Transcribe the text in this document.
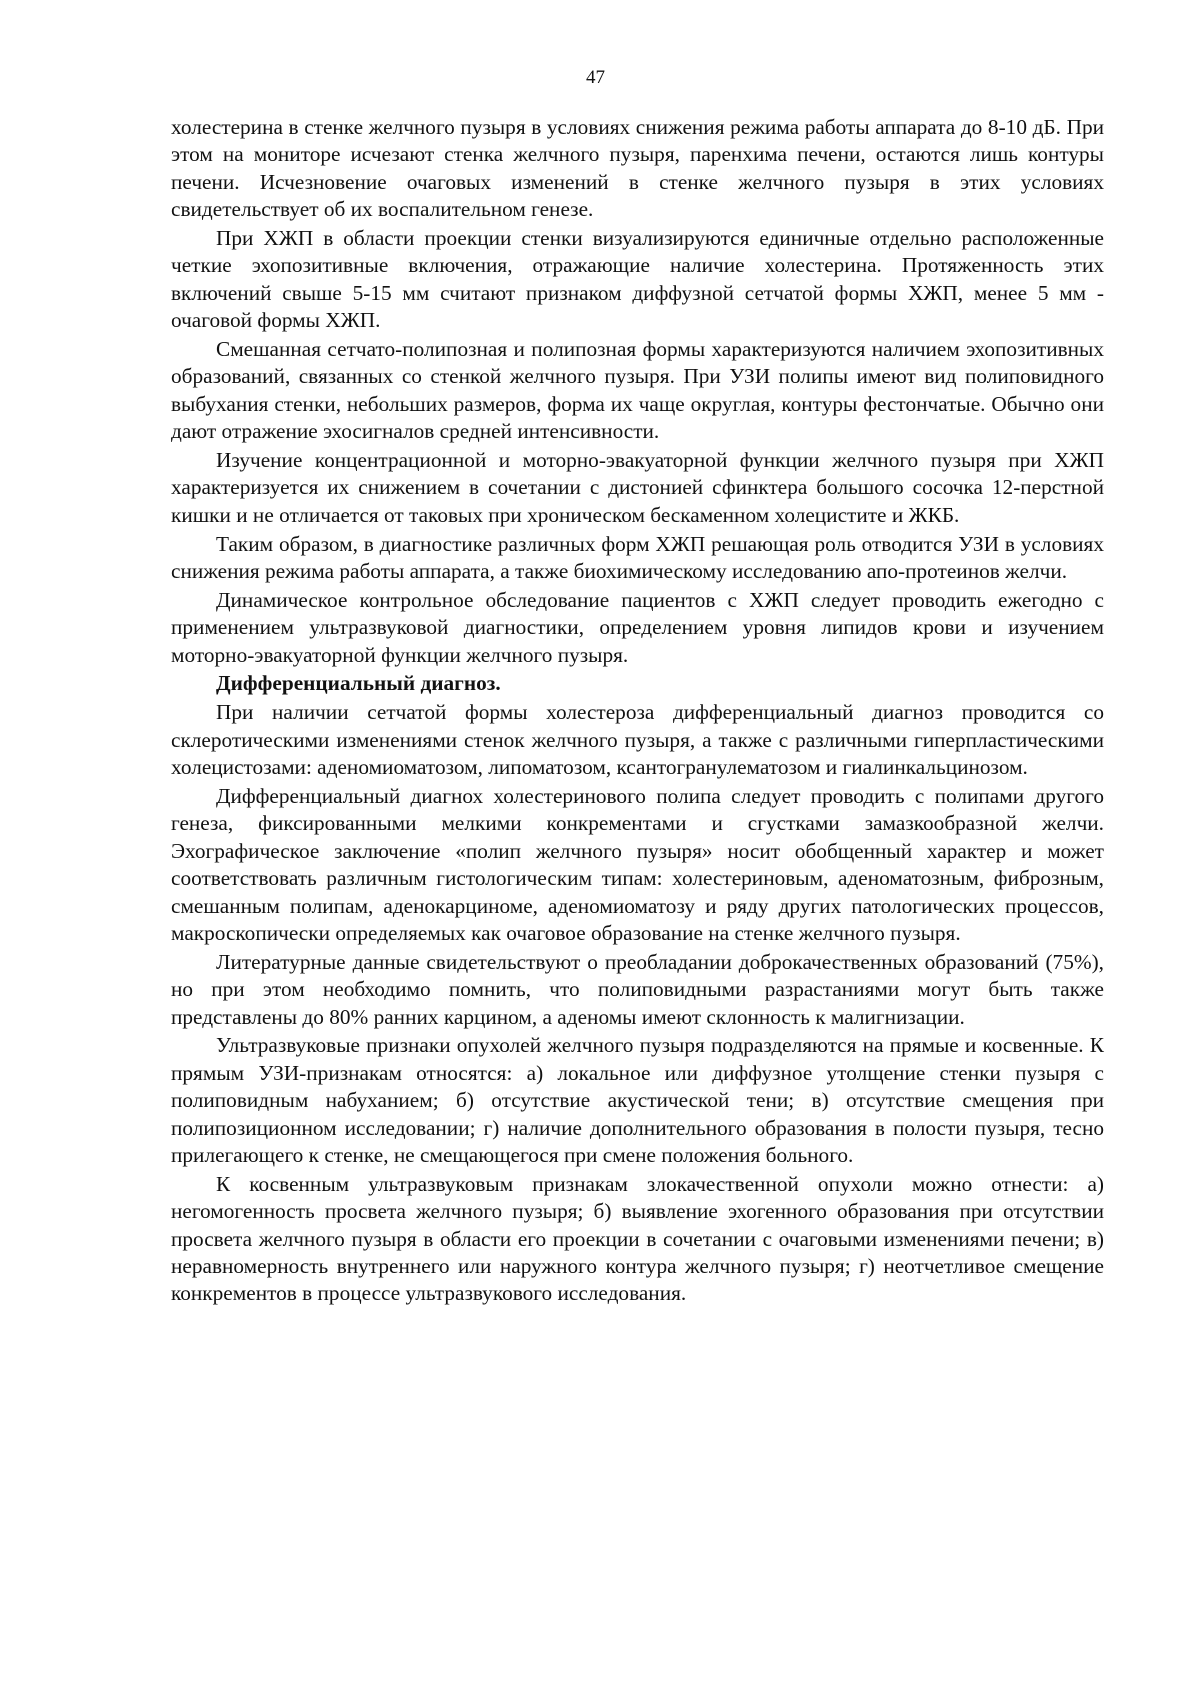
47

холестерина в стенке желчного пузыря в условиях снижения режима работы аппарата до 8-10 дБ. При этом на мониторе исчезают стенка желчного пузыря, паренхима печени, остаются лишь контуры печени. Исчезновение очаговых изменений в стенке желчного пузыря в этих условиях свидетельствует об их воспалительном генезе.

При ХЖП в области проекции стенки визуализируются единичные отдельно расположенные четкие эхопозитивные включения, отражающие наличие холестерина. Протяженность этих включений свыше 5-15 мм считают признаком диффузной сетчатой формы ХЖП, менее 5 мм - очаговой формы ХЖП.

Смешанная сетчато-полипозная и полипозная формы характеризуются наличием эхопозитивных образований, связанных со стенкой желчного пузыря. При УЗИ полипы имеют вид полиповидного выбухания стенки, небольших размеров, форма их чаще округлая, контуры фестончатые. Обычно они дают отражение эхосигналов средней интенсивности.

Изучение концентрационной и моторно-эвакуаторной функции желчного пузыря при ХЖП характеризуется их снижением в сочетании с дистонией сфинктера большого сосочка 12-перстной кишки и не отличается от таковых при хроническом бескаменном холецистите и ЖКБ.

Таким образом, в диагностике различных форм ХЖП решающая роль отводится УЗИ в условиях снижения режима работы аппарата, а также биохимическому исследованию апо-протеинов желчи.

Динамическое контрольное обследование пациентов с ХЖП следует проводить ежегодно с применением ультразвуковой диагностики, определением уровня липидов крови и изучением моторно-эвакуаторной функции желчного пузыря.

Дифференциальный диагноз.

При наличии сетчатой формы холестероза дифференциальный диагноз проводится со склеротическими изменениями стенок желчного пузыря, а также с различными гиперпластическими холецистозами: аденомиоматозом, липоматозом, ксантогранулематозом и гиалинкальцинозом.

Дифференциальный диагнох холестеринового полипа следует проводить с полипами другого генеза, фиксированными мелкими конкрементами и сгустками замазкообразной желчи. Эхографическое заключение «полип желчного пузыря» носит обобщенный характер и может соответствовать различным гистологическим типам: холестериновым, аденоматозным, фиброзным, смешанным полипам, аденокарциноме, аденомиоматозу и ряду других патологических процессов, макроскопически определяемых как очаговое образование на стенке желчного пузыря.

Литературные данные свидетельствуют о преобладании доброкачественных образований (75%), но при этом необходимо помнить, что полиповидными разрастаниями могут быть также представлены до 80% ранних карцином, а аденомы имеют склонность к малигнизации.

Ультразвуковые признаки опухолей желчного пузыря подразделяются на прямые и косвенные. К прямым УЗИ-признакам относятся: а) локальное или диффузное утолщение стенки пузыря с полиповидным набуханием; б) отсутствие акустической тени; в) отсутствие смещения при полипозиционном исследовании; г) наличие дополнительного образования в полости пузыря, тесно прилегающего к стенке, не смещающегося при смене положения больного.

К косвенным ультразвуковым признакам злокачественной опухоли можно отнести: а) негомогенность просвета желчного пузыря; б) выявление эхогенного образования при отсутствии просвета желчного пузыря в области его проекции в сочетании с очаговыми изменениями печени; в) неравномерность внутреннего или наружного контура желчного пузыря; г) неотчетливое смещение конкрементов в процессе ультразвукового исследования.
